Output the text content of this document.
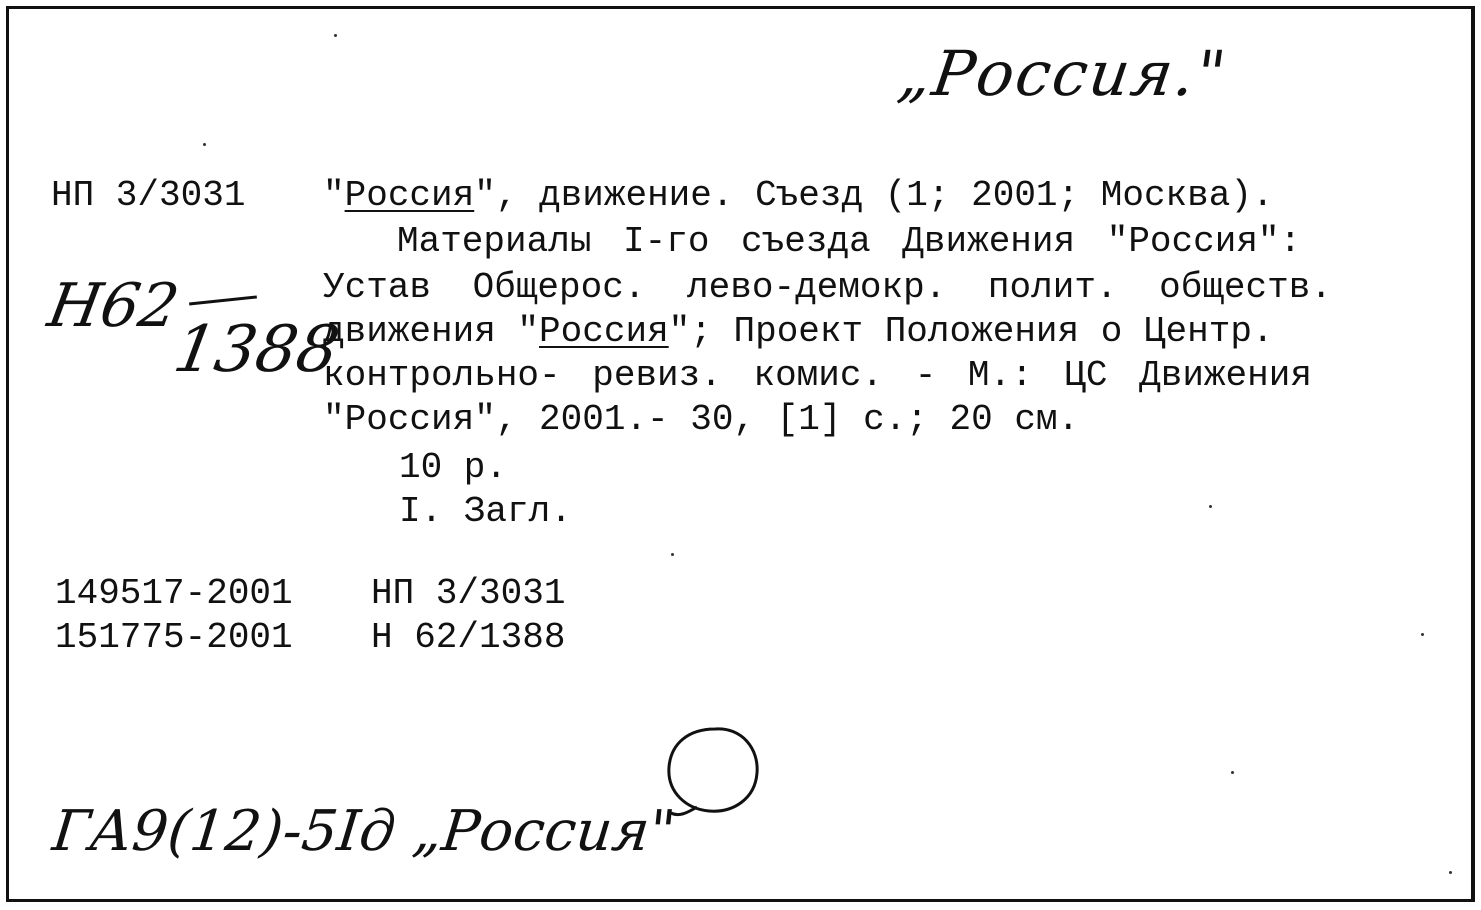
„Россия."
НП 3/3031
Н62
1388
"Россия", движение. Съезд (1; 2001; Москва).
Материалы I-го съезда Движения "Россия":
Устав Общерос. лево-демокр. полит. обществ.
движения "Россия"; Проект Положения о Центр.
контрольно- ревиз. комис. - М.: ЦС Движения
"Россия", 2001.- 30, [1] с.; 20 см.
10 р.
I. Загл.
149517-2001 НП 3/3031
151775-2001 Н 62/1388
ГА9(12)-5Iд „Россия"
